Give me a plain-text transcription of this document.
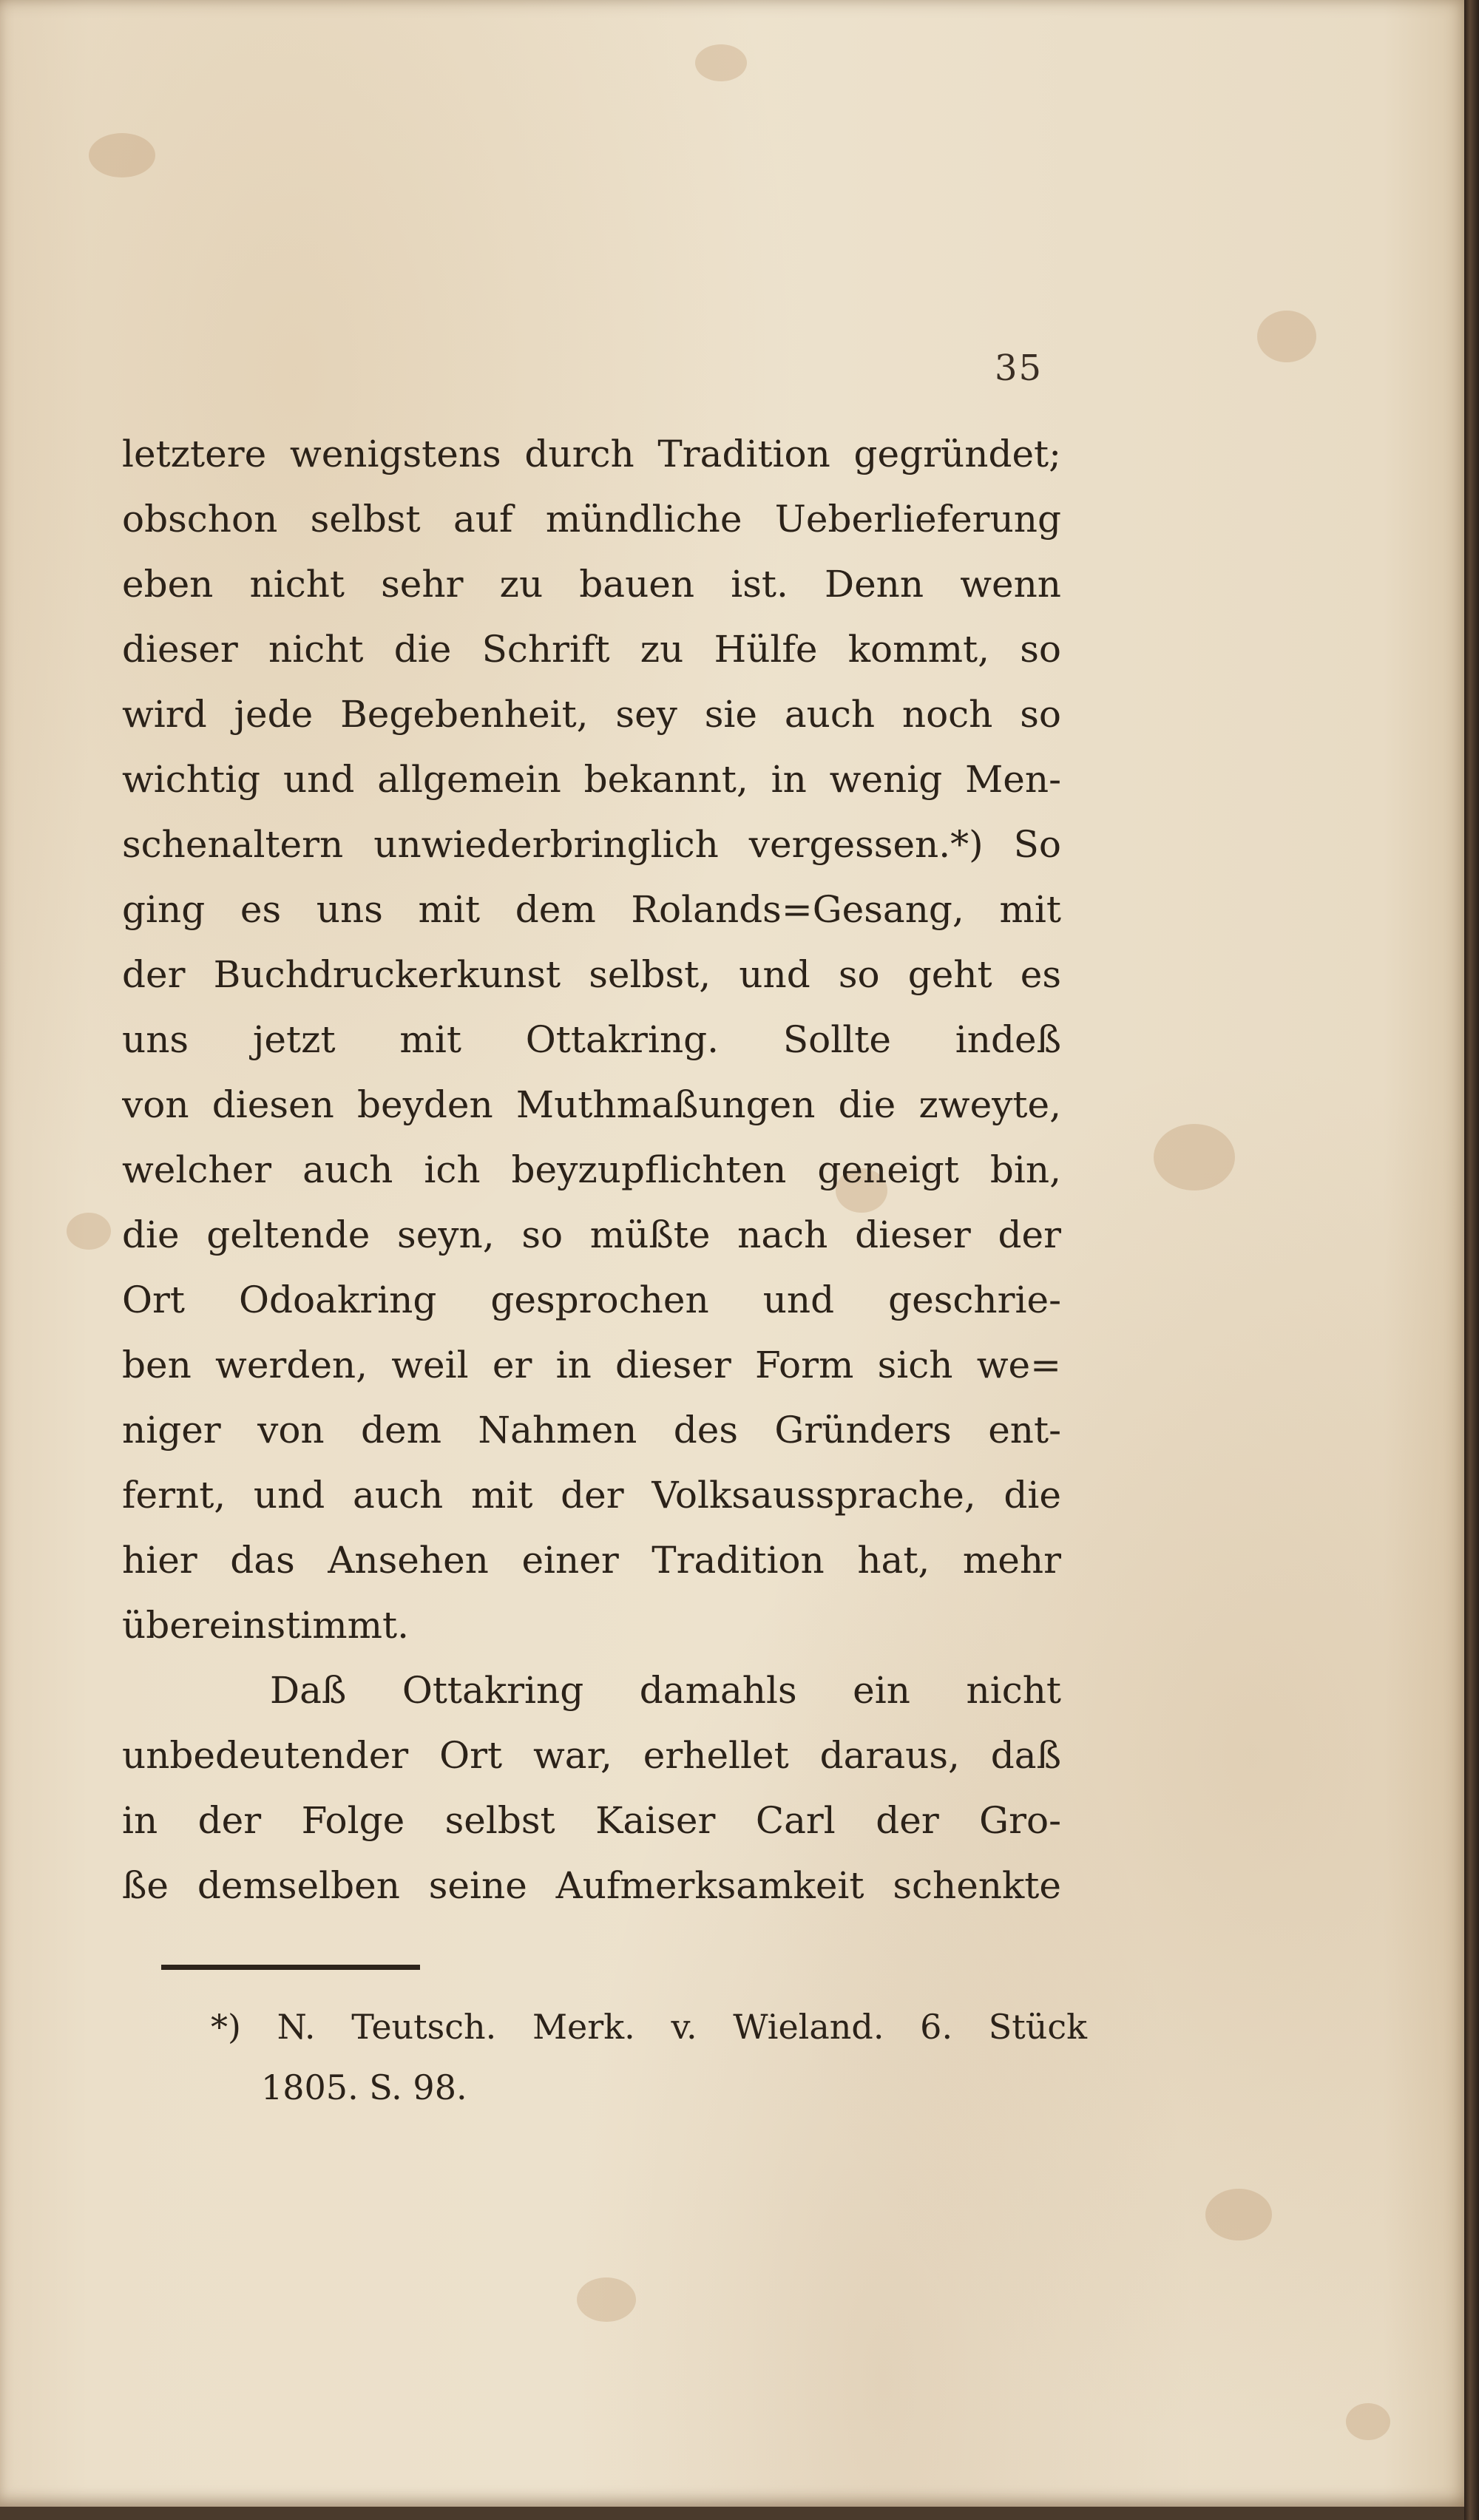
35
letztere wenigstens durch Tradition gegründet;
obschon selbst auf mündliche Ueberlieferung
eben nicht sehr zu bauen ist. Denn wenn
dieser nicht die Schrift zu Hülfe kommt, so
wird jede Begebenheit, sey sie auch noch so
wichtig und allgemein bekannt, in wenig Men-
schenaltern unwiederbringlich vergessen.*) So
ging es uns mit dem Rolands=Gesang, mit
der Buchdruckerkunst selbst, und so geht es
uns jetzt mit Ottakring. Sollte indeß
von diesen beyden Muthmaßungen die zweyte,
welcher auch ich beyzupflichten geneigt bin,
die geltende seyn, so müßte nach dieser der
Ort Odoakring gesprochen und geschrie-
ben werden, weil er in dieser Form sich we=
niger von dem Nahmen des Gründers ent-
fernt, und auch mit der Volksaussprache, die
hier das Ansehen einer Tradition hat, mehr
übereinstimmt.
Daß Ottakring damahls ein nicht
unbedeutender Ort war, erhellet daraus, daß
in der Folge selbst Kaiser Carl der Gro-
ße demselben seine Aufmerksamkeit schenkte
*) N. Teutsch. Merk. v. Wieland. 6. Stück
1805. S. 98.
